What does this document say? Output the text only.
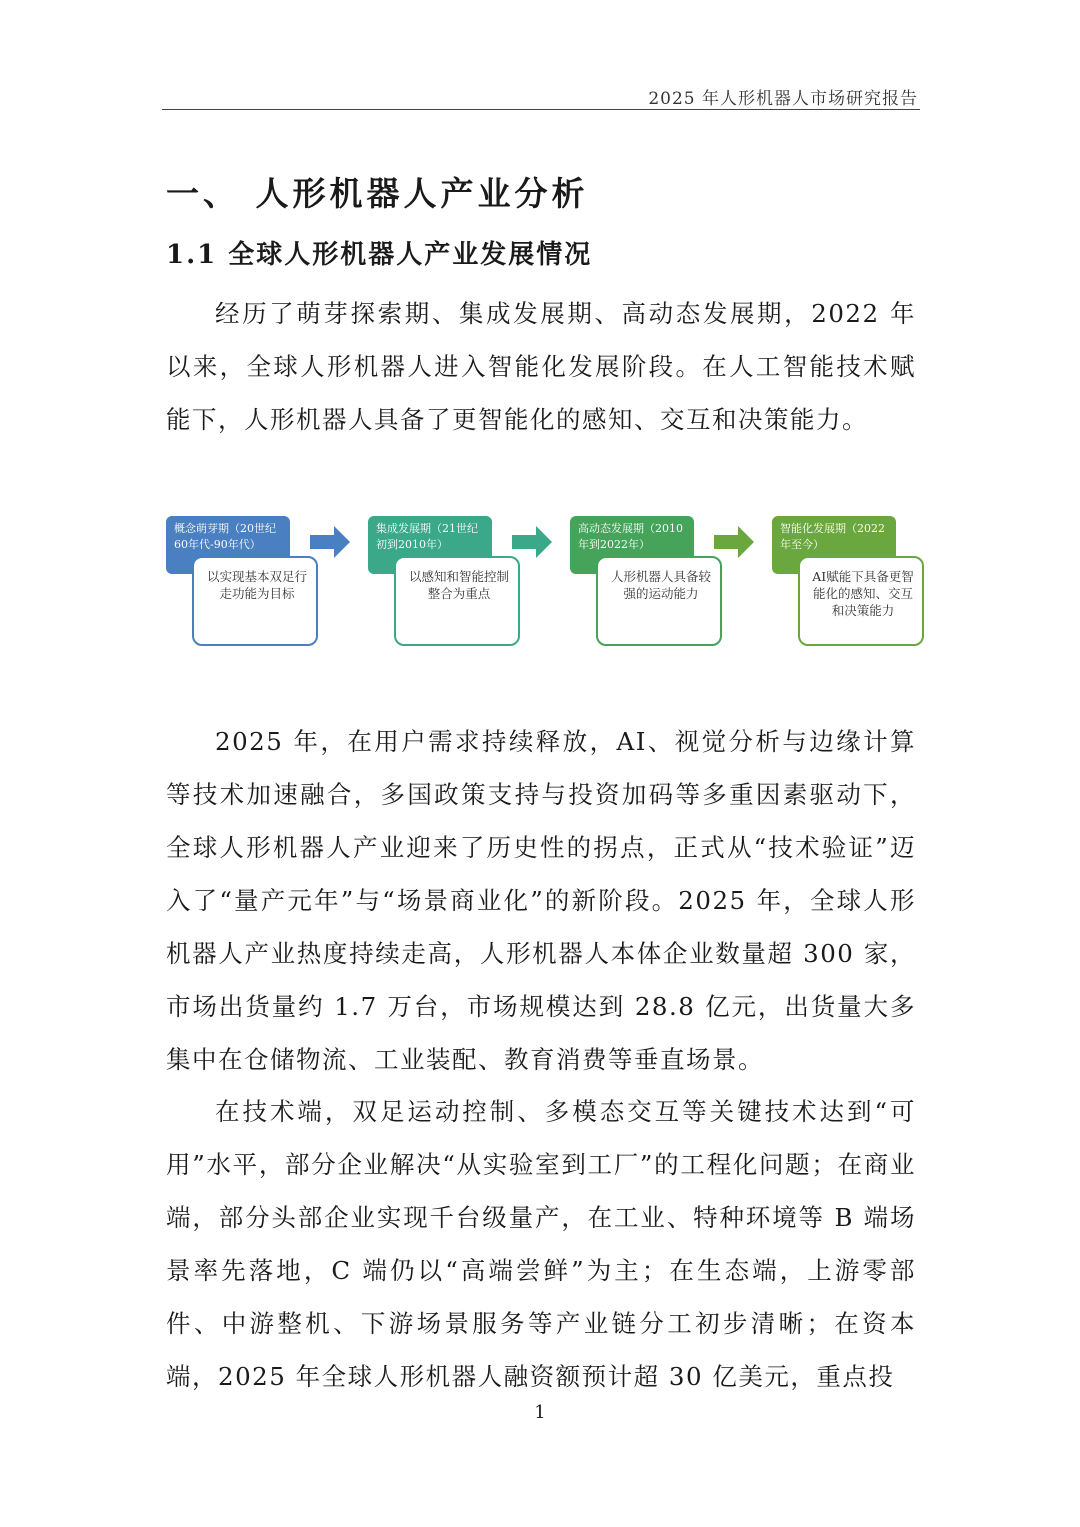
2025 年人形机器人市场研究报告
一、 人形机器人产业分析
1.1 全球人形机器人产业发展情况

经历了萌芽探索期、集成发展期、高动态发展期，2022 年以来，全球人形机器人进入智能化发展阶段。在人工智能技术赋能下，人形机器人具备了更智能化的感知、交互和决策能力。

概念萌芽期（20世纪60年代-90年代）
以实现基本双足行走功能为目标
集成发展期（21世纪初到2010年）
以感知和智能控制整合为重点
高动态发展期（2010年到2022年）
人形机器人具备较强的运动能力
智能化发展期（2022年至今）
AI赋能下具备更智能化的感知、交互和决策能力

2025 年，在用户需求持续释放，AI、视觉分析与边缘计算等技术加速融合，多国政策支持与投资加码等多重因素驱动下，全球人形机器人产业迎来了历史性的拐点，正式从“技术验证”迈入了“量产元年”与“场景商业化”的新阶段。2025 年，全球人形机器人产业热度持续走高，人形机器人本体企业数量超 300 家，市场出货量约 1.7 万台，市场规模达到 28.8 亿元，出货量大多集中在仓储物流、工业装配、教育消费等垂直场景。

在技术端，双足运动控制、多模态交互等关键技术达到“可用”水平，部分企业解决“从实验室到工厂”的工程化问题；在商业端，部分头部企业实现千台级量产，在工业、特种环境等 B 端场景率先落地，C 端仍以“高端尝鲜”为主；在生态端，上游零部件、中游整机、下游场景服务等产业链分工初步清晰；在资本端，2025 年全球人形机器人融资额预计超 30 亿美元，重点投

1
